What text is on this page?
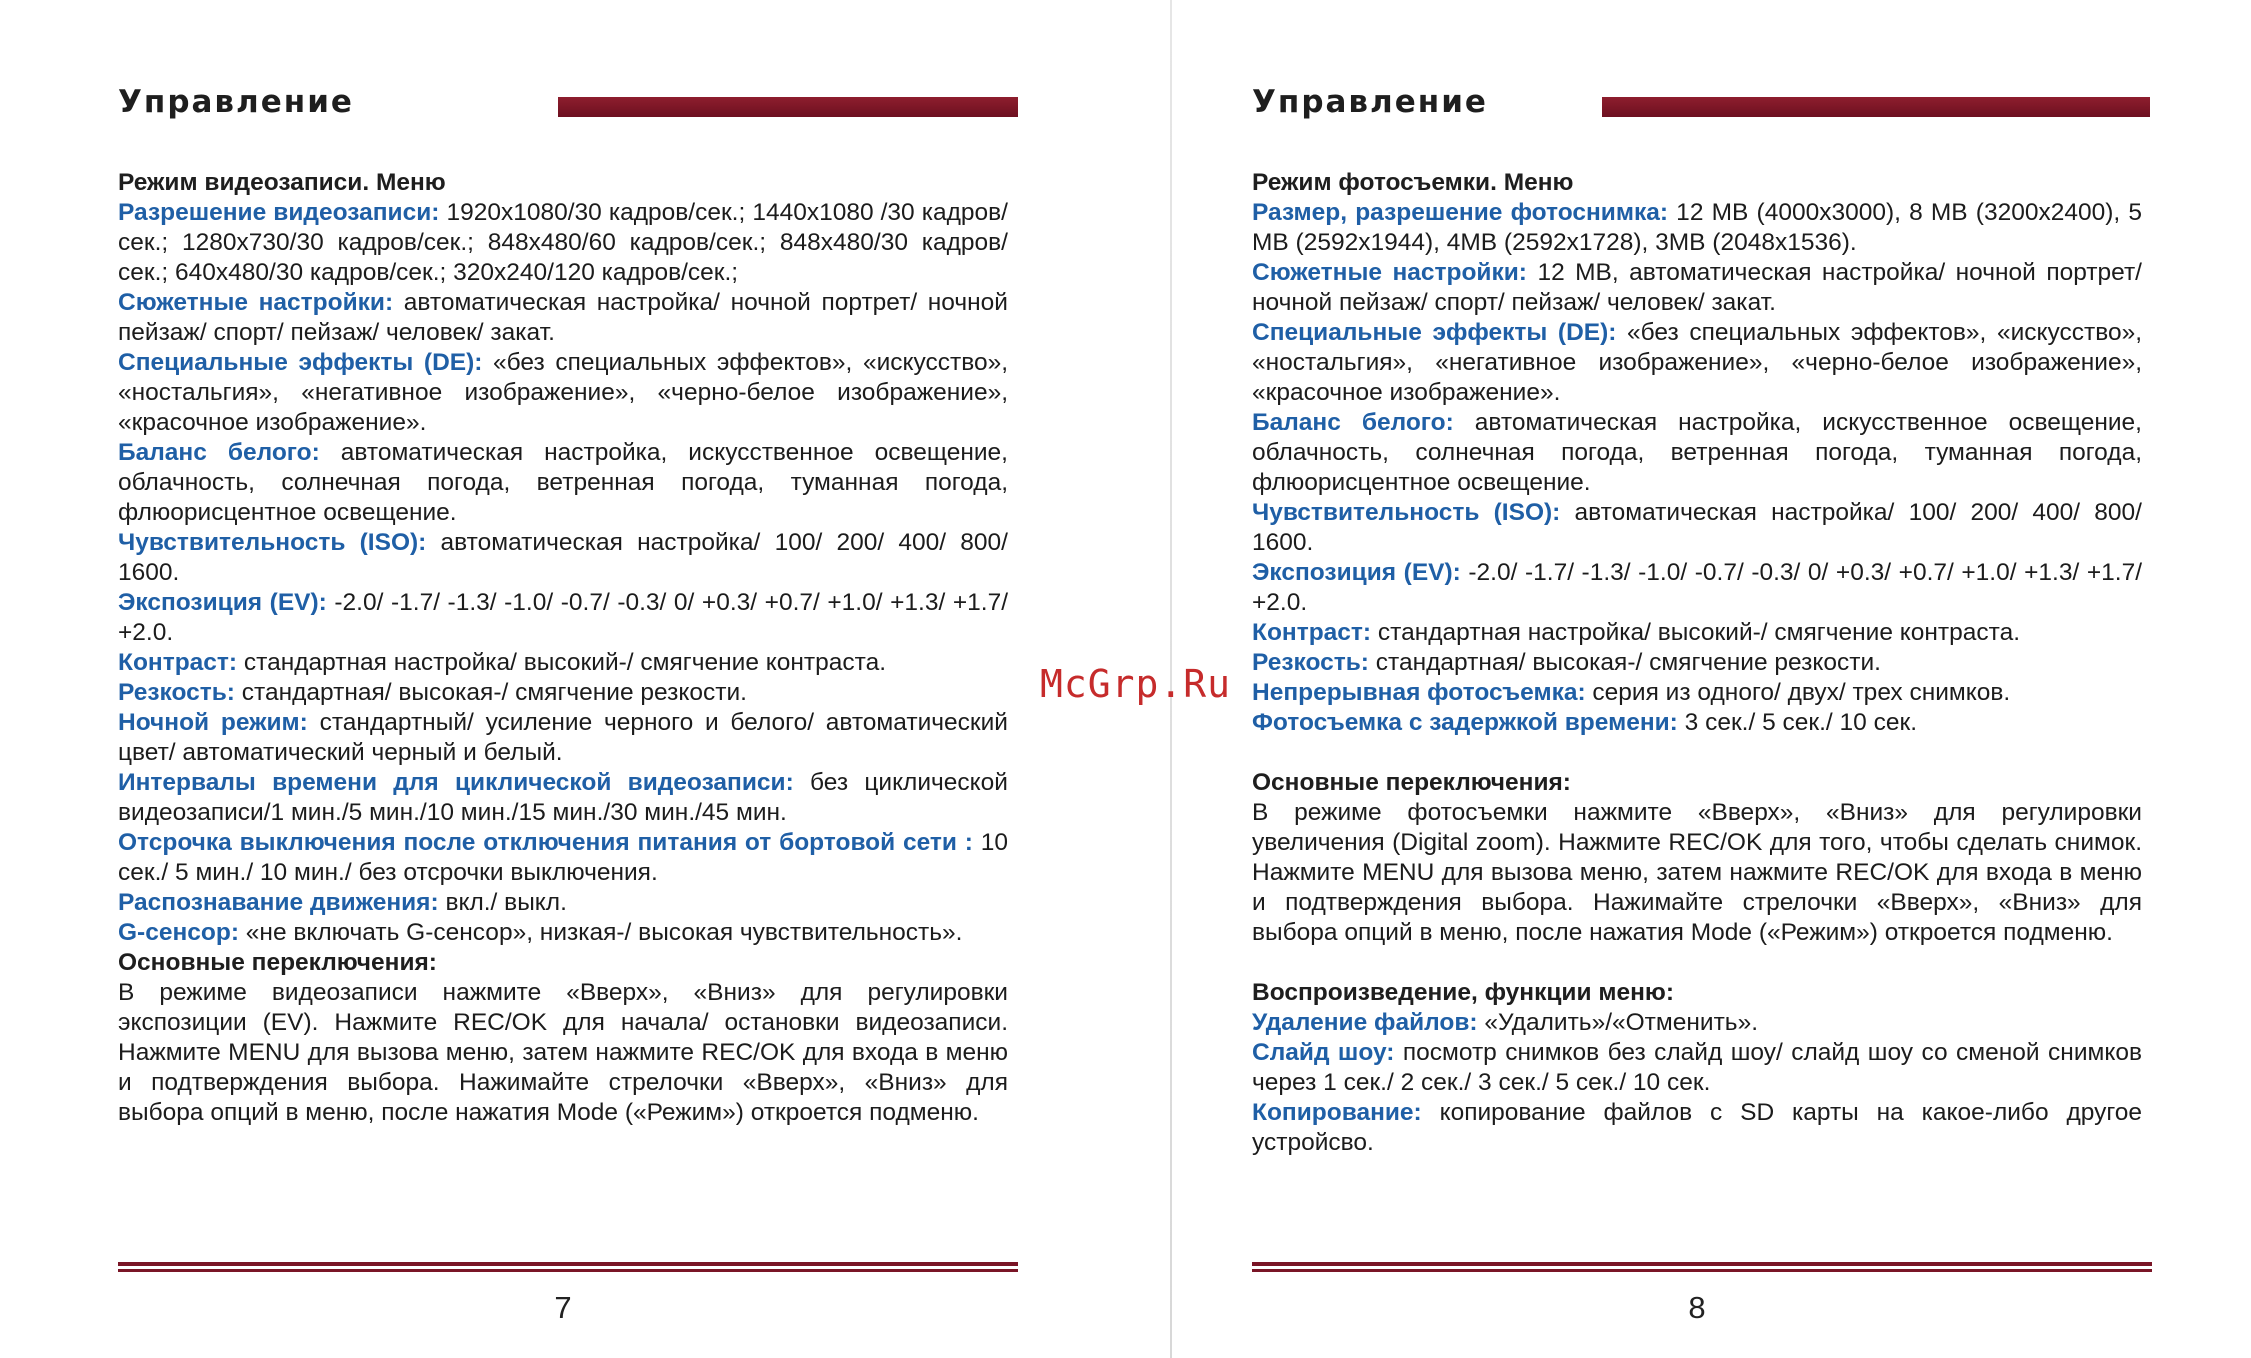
Управление

Режим видеозаписи. Меню

Разрешение видеозаписи: 1920x1080/30 кадров/сек.; 1440x1080 /30 кадров/сек.; 1280x730/30 кадров/сек.; 848x480/60 кадров/сек.; 848x480/30 кадров/сек.; 640x480/30 кадров/сек.; 320x240/120 кадров/сек.;

Сюжетные настройки: автоматическая настройка/ ночной портрет/ ночной пейзаж/ спорт/ пейзаж/ человек/ закат.

Специальные эффекты (DE): «без специальных эффектов», «искусство», «ностальгия», «негативное изображение», «черно-белое изображение», «красочное изображение».

Баланс белого: автоматическая настройка, искусственное освещение, облачность, солнечная погода, ветренная погода, туманная погода, флюорисцентное освещение.

Чувствительность (ISO): автоматическая настройка/ 100/ 200/ 400/ 800/ 1600.

Экспозиция (EV): -2.0/ -1.7/ -1.3/ -1.0/ -0.7/ -0.3/ 0/ +0.3/ +0.7/ +1.0/ +1.3/ +1.7/ +2.0.

Контраст: стандартная настройка/ высокий-/ смягчение контраста.

Резкость: стандартная/ высокая-/ смягчение резкости.

Ночной режим: стандартный/ усиление черного и белого/ автоматический цвет/ автоматический черный и белый.

Интервалы времени для циклической видеозаписи: без циклической видеозаписи/1 мин./5 мин./10 мин./15 мин./30 мин./45 мин.

Отсрочка выключения после отключения питания от бортовой сети : 10 сек./ 5 мин./ 10 мин./ без отсрочки выключения.

Распознавание движения: вкл./ выкл.

G-сенсор: «не включать G-сенсор», низкая-/ высокая чувствительность».

Основные переключения:

В режиме видеозаписи нажмите «Вверх», «Вниз» для регулировки экспозиции (EV). Нажмите REC/OK для начала/ остановки видеозаписи. Нажмите MENU для вызова меню, затем нажмите REC/OK для входа в меню и подтверждения выбора. Нажимайте стрелочки «Вверх», «Вниз» для выбора опций в меню, после нажатия Mode («Режим») откроется подменю.

7
Управление

Режим фотосъемки. Меню

Размер, разрешение фотоснимка: 12 MB (4000x3000), 8 MB (3200x2400), 5 MB (2592x1944), 4MB (2592x1728), 3MB (2048x1536).

Сюжетные настройки: 12 MB, автоматическая настройка/ ночной портрет/ ночной пейзаж/ спорт/ пейзаж/ человек/ закат.

Специальные эффекты (DE): «без специальных эффектов», «искусство», «ностальгия», «негативное изображение», «черно-белое изображение», «красочное изображение».

Баланс белого: автоматическая настройка, искусственное освещение, облачность, солнечная погода, ветренная погода, туманная погода, флюорисцентное освещение.

Чувствительность (ISO): автоматическая настройка/ 100/ 200/ 400/ 800/ 1600.

Экспозиция (EV): -2.0/ -1.7/ -1.3/ -1.0/ -0.7/ -0.3/ 0/ +0.3/ +0.7/ +1.0/ +1.3/ +1.7/ +2.0.

Контраст: стандартная настройка/ высокий-/ смягчение контраста.

Резкость: стандартная/ высокая-/ смягчение резкости.

Непрерывная фотосъемка: серия из одного/ двух/ трех снимков.

Фотосъемка с задержкой времени: 3 сек./ 5 сек./ 10 сек.

Основные переключения:

В режиме фотосъемки нажмите «Вверх», «Вниз» для регулировки увеличения (Digital zoom). Нажмите REC/OK для того, чтобы сделать снимок. Нажмите MENU для вызова меню, затем нажмите REC/OK для входа в меню и подтверждения выбора. Нажимайте стрелочки «Вверх», «Вниз» для выбора опций в меню, после нажатия Mode («Режим») откроется подменю.

Воспроизведение, функции меню:

Удаление файлов: «Удалить»/«Отменить».

Слайд шоу: посмотр снимков без слайд шоу/ слайд шоу со сменой снимков через 1 сек./ 2 сек./ 3 сек./ 5 сек./ 10 сек.

Копирование: копирование файлов с SD карты на какое-либо другое устройсво.

8
McGrp.Ru
